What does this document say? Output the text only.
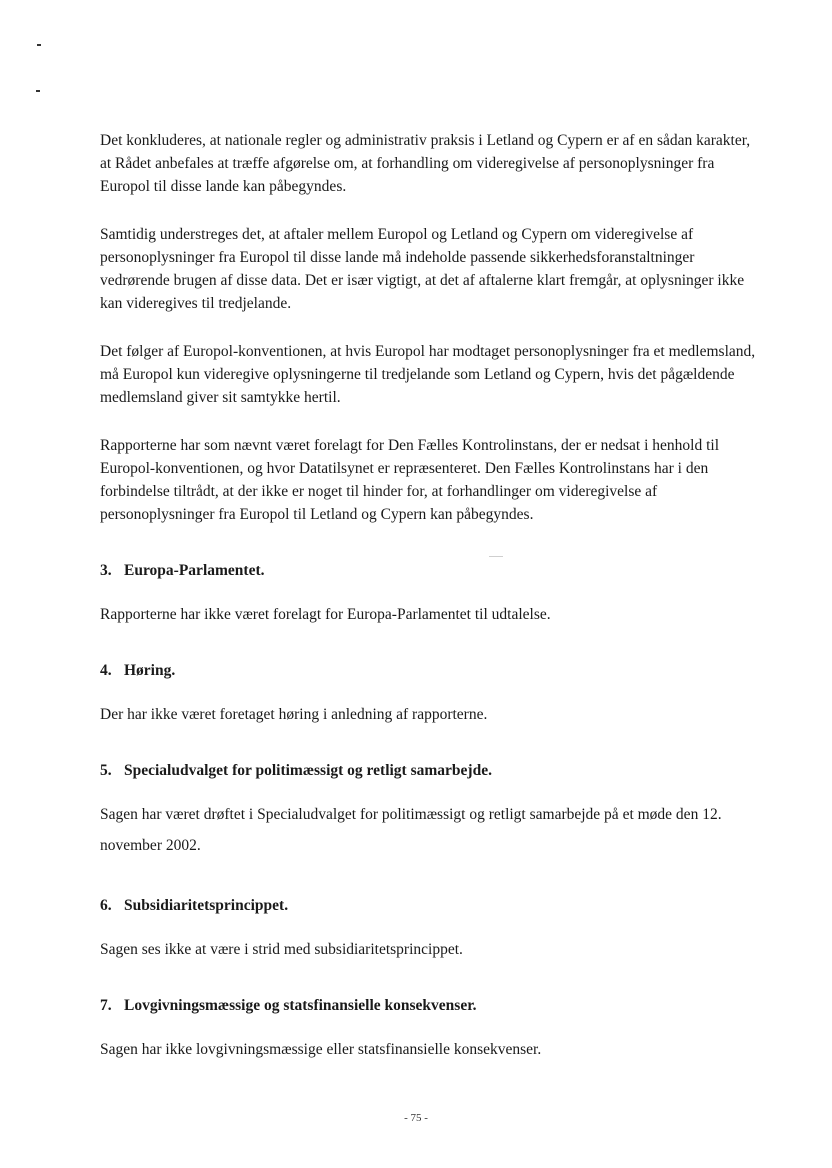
Det konkluderes, at nationale regler og administrativ praksis i Letland og Cypern er af en sådan karakter, at Rådet anbefales at træffe afgørelse om, at forhandling om videregivelse af personoplysninger fra Europol til disse lande kan påbegyndes.

Samtidig understreges det, at aftaler mellem Europol og Letland og Cypern om videregivelse af personoplysninger fra Europol til disse lande må indeholde passende sikkerhedsforanstaltninger vedrørende brugen af disse data. Det er især vigtigt, at det af aftalerne klart fremgår, at oplysninger ikke kan videregives til tredjelande.

Det følger af Europol-konventionen, at hvis Europol har modtaget personoplysninger fra et medlemsland, må Europol kun videregive oplysningerne til tredjelande som Letland og Cypern, hvis det pågældende medlemsland giver sit samtykke hertil.

Rapporterne har som nævnt været forelagt for Den Fælles Kontrolinstans, der er nedsat i henhold til Europol-konventionen, og hvor Datatilsynet er repræsenteret. Den Fælles Kontrolinstans har i den forbindelse tiltrådt, at der ikke er noget til hinder for, at forhandlinger om videregivelse af personoplysninger fra Europol til Letland og Cypern kan påbegyndes.

3. Europa-Parlamentet.

Rapporterne har ikke været forelagt for Europa-Parlamentet til udtalelse.

4. Høring.

Der har ikke været foretaget høring i anledning af rapporterne.

5. Specialudvalget for politimæssigt og retligt samarbejde.

Sagen har været drøftet i Specialudvalget for politimæssigt og retligt samarbejde på et møde den 12. november 2002.

6. Subsidiaritetsprincippet.

Sagen ses ikke at være i strid med subsidiaritetsprincippet.

7. Lovgivningsmæssige og statsfinansielle konsekvenser.

Sagen har ikke lovgivningsmæssige eller statsfinansielle konsekvenser.

- 75 -
